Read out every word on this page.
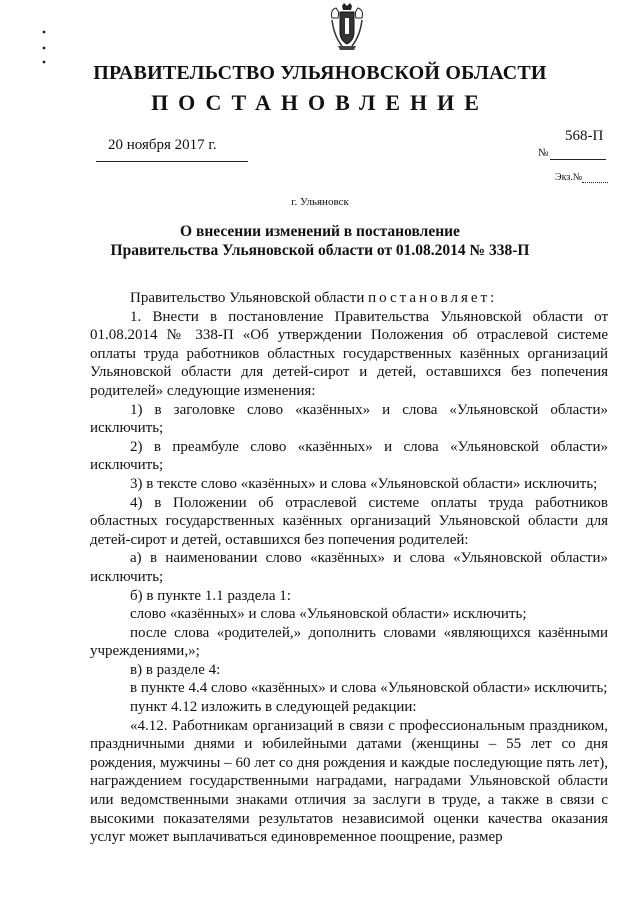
ПРАВИТЕЛЬСТВО УЛЬЯНОВСКОЙ ОБЛАСТИ
ПОСТАНОВЛЕНИЕ
20 ноября 2017 г.
568-П
№
Экз.№
г. Ульяновск
О внесении изменений в постановление
Правительства Ульяновской области от 01.08.2014 № 338-П

Правительство Ульяновской области постановляет:

1. Внести в постановление Правительства Ульяновской области от 01.08.2014 № 338-П «Об утверждении Положения об отраслевой системе оплаты труда работников областных государственных казённых организаций Ульяновской области для детей-сирот и детей, оставшихся без попечения родителей» следующие изменения:

1) в заголовке слово «казённых» и слова «Ульяновской области» исключить;

2) в преамбуле слово «казённых» и слова «Ульяновской области» исключить;

3) в тексте слово «казённых» и слова «Ульяновской области» исключить;

4) в Положении об отраслевой системе оплаты труда работников областных государственных казённых организаций Ульяновской области для детей-сирот и детей, оставшихся без попечения родителей:

а) в наименовании слово «казённых» и слова «Ульяновской области» исключить;

б) в пункте 1.1 раздела 1:

слово «казённых» и слова «Ульяновской области» исключить;

после слова «родителей,» дополнить словами «являющихся казёнными учреждениями,»;

в) в разделе 4:

в пункте 4.4 слово «казённых» и слова «Ульяновской области» исключить;

пункт 4.12 изложить в следующей редакции:

«4.12. Работникам организаций в связи с профессиональным праздником, праздничными днями и юбилейными датами (женщины – 55 лет со дня рождения, мужчины – 60 лет со дня рождения и каждые последующие пять лет), награждением государственными наградами, наградами Ульяновской области или ведомственными знаками отличия за заслуги в труде, а также в связи с высокими показателями результатов независимой оценки качества оказания услуг может выплачиваться единовременное поощрение, размер
